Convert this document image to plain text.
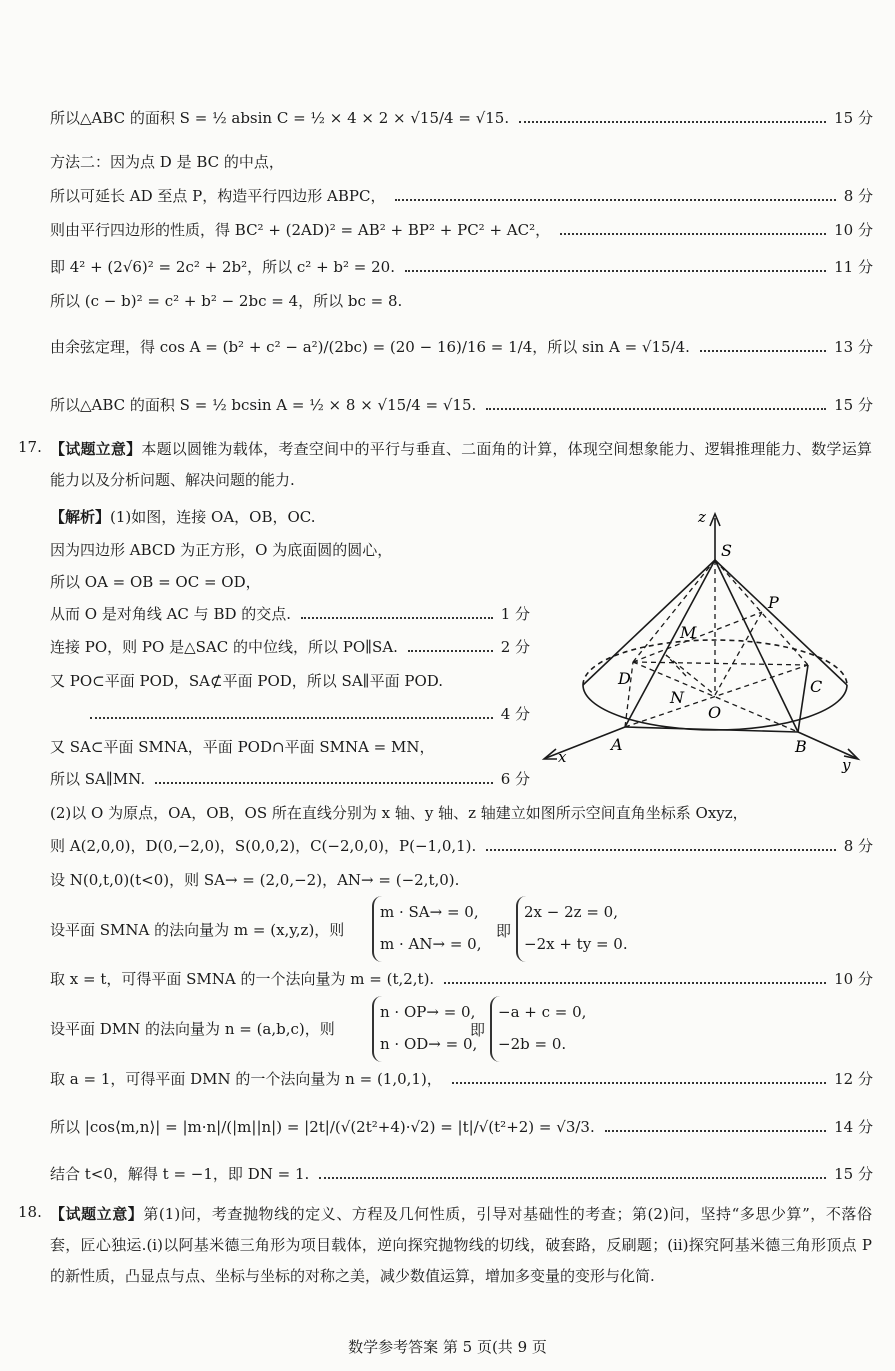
所以△ABC 的面积 S = ½ absin C = ½ × 4 × 2 × √15/4 = √15.	15 分
方法二：因为点 D 是 BC 的中点，
所以可延长 AD 至点 P，构造平行四边形 ABPC，	8 分
则由平行四边形的性质，得 BC² + (2AD)² = AB² + BP² + PC² + AC²，	10 分
即 4² + (2√6)² = 2c² + 2b²，所以 c² + b² = 20.	11 分
所以 (c − b)² = c² + b² − 2bc = 4，所以 bc = 8.
由余弦定理，得 cos A = (b² + c² − a²)/(2bc) = (20 − 16)/16 = 1/4，所以 sin A = √15/4.	13 分
所以△ABC 的面积 S = ½ bcsin A = ½ × 8 × √15/4 = √15.	15 分
17. 【试题立意】本题以圆锥为载体，考查空间中的平行与垂直、二面角的计算，体现空间想象能力、逻辑推理能力、数学运算能力以及分析问题、解决问题的能力.
【解析】 (1)如图，连接 OA，OB，OC.
因为四边形 ABCD 为正方形，O 为底面圆的圆心，
所以 OA = OB = OC = OD，
从而 O 是对角线 AC 与 BD 的交点.	1 分
连接 PO，则 PO 是△SAC 的中位线，所以 PO∥SA.	2 分
又 PO⊂平面 POD，SA⊄平面 POD，所以 SA∥平面 POD.
4 分
又 SA⊂平面 SMNA，平面 POD∩平面 SMNA = MN，
所以 SA∥MN.	6 分
z
S
P
M
D	C
N
O
A	B
x	y
(2)以 O 为原点，OA，OB，OS 所在直线分别为 x 轴、y 轴、z 轴建立如图所示空间直角坐标系 Oxyz，
则 A(2,0,0)，D(0,−2,0)，S(0,0,2)，C(−2,0,0)，P(−1,0,1).	8 分
设 N(0,t,0)(t<0)，则 SA→ = (2,0,−2)，AN→ = (−2,t,0).
设平面 SMNA 的法向量为 m = (x,y,z)，则
m · SA→ = 0,
m · AN→ = 0,
即
2x − 2z = 0,
−2x + ty = 0.
取 x = t，可得平面 SMNA 的一个法向量为 m = (t,2,t).	10 分
设平面 DMN 的法向量为 n = (a,b,c)，则
n · OP→ = 0,
n · OD→ = 0,
即
−a + c = 0,
−2b = 0.
取 a = 1，可得平面 DMN 的一个法向量为 n = (1,0,1)，	12 分
所以 |cos⟨m,n⟩| = |m·n|/(|m||n|) = |2t|/(√(2t²+4)·√2) = |t|/√(t²+2) = √3/3.	14 分
结合 t<0，解得 t = −1，即 DN = 1.	15 分
18. 【试题立意】第(1)问，考查抛物线的定义、方程及几何性质，引导对基础性的考查；第(2)问，坚持“多思少算”，不落俗套，匠心独运.(i)以阿基米德三角形为项目载体，逆向探究抛物线的切线，破套路，反刷题；(ii)探究阿基米德三角形顶点 P 的新性质，凸显点与点、坐标与坐标的对称之美，减少数值运算，增加多变量的变形与化简.
数学参考答案 第 5 页(共 9 页
